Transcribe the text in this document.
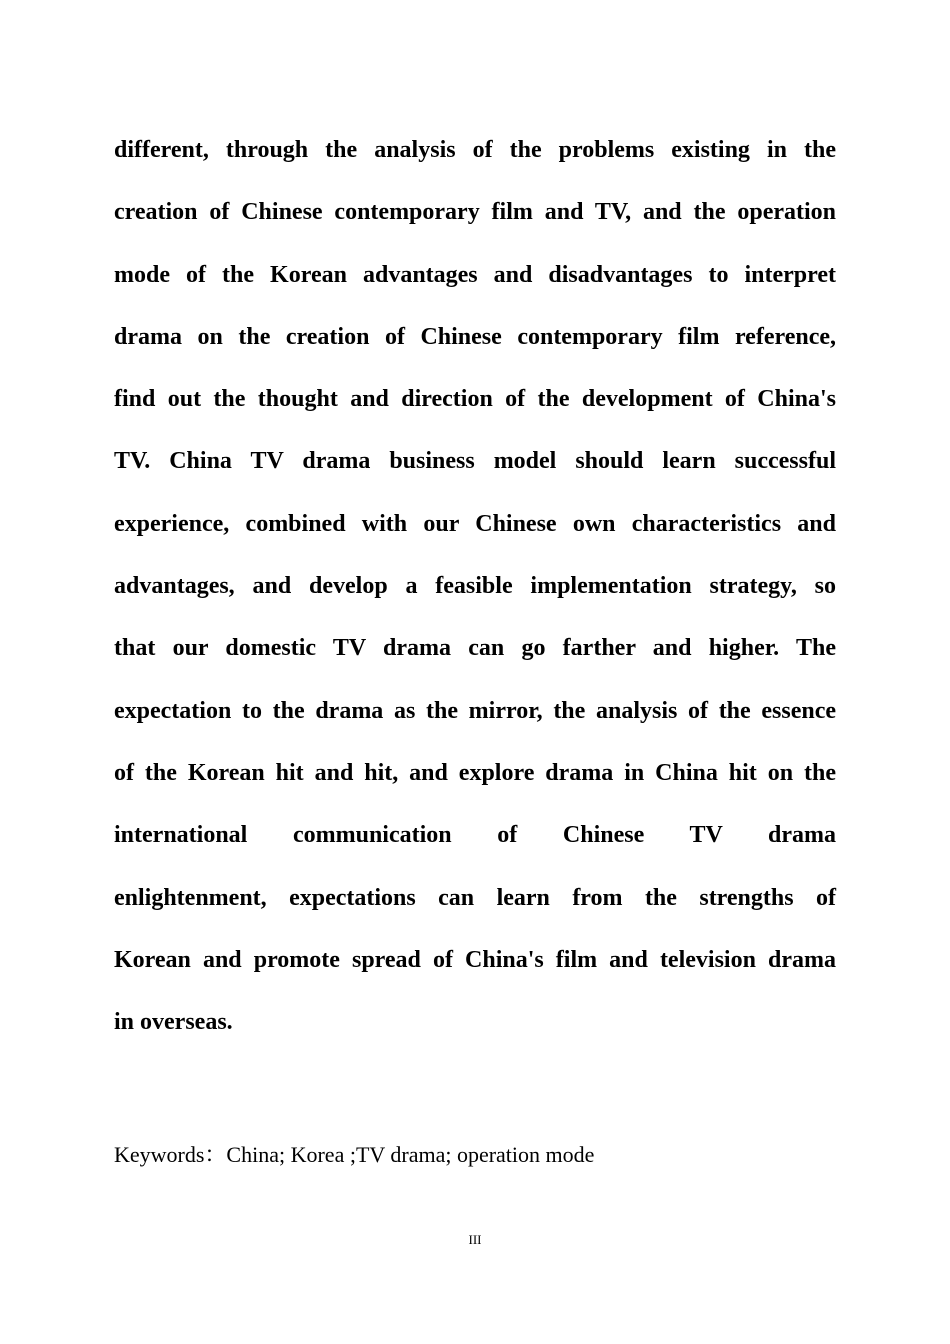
different, through the analysis of the problems existing in the
creation of Chinese contemporary film and TV, and the operation
mode of the Korean advantages and disadvantages to interpret
drama on the creation of Chinese contemporary film reference,
find out the thought and direction of the development of China's
TV. China TV drama business model should learn successful
experience, combined with our Chinese own characteristics and
advantages, and develop a feasible implementation strategy, so
that our domestic TV drama can go farther and higher. The
expectation to the drama as the mirror, the analysis of the essence
of the Korean hit and hit, and explore drama in China hit on the
international communication of Chinese TV drama
enlightenment, expectations can learn from the strengths of
Korean and promote spread of China's film and television drama
in overseas.
Keywords：China; Korea ;TV drama; operation mode
III
